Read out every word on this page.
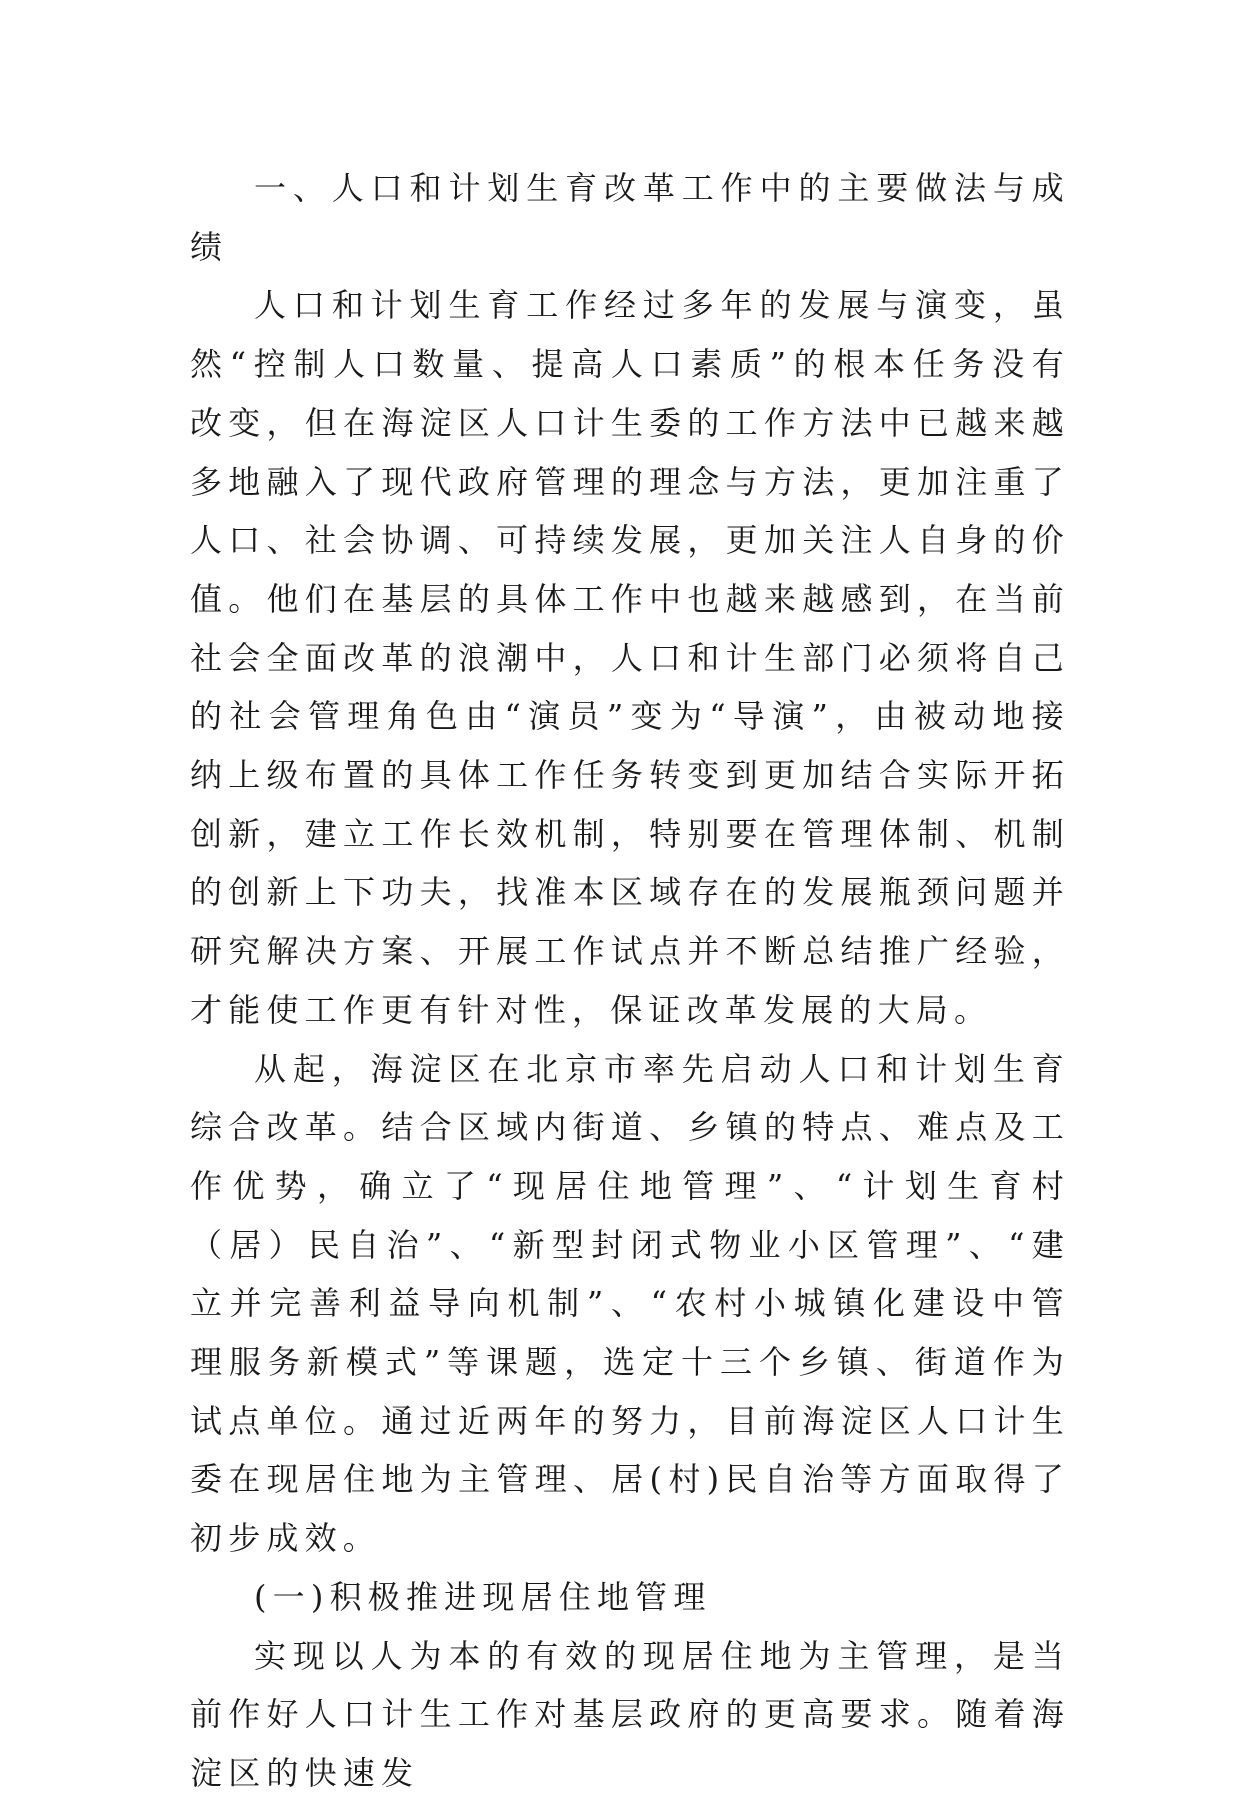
一、人口和计划生育改革工作中的主要做法与成绩

人口和计划生育工作经过多年的发展与演变，虽然“控制人口数量、提高人口素质”的根本任务没有改变，但在海淀区人口计生委的工作方法中已越来越多地融入了现代政府管理的理念与方法，更加注重了人口、社会协调、可持续发展，更加关注人自身的价值。他们在基层的具体工作中也越来越感到，在当前社会全面改革的浪潮中，人口和计生部门必须将自己的社会管理角色由“演员”变为“导演”，由被动地接纳上级布置的具体工作任务转变到更加结合实际开拓创新，建立工作长效机制，特别要在管理体制、机制的创新上下功夫，找准本区域存在的发展瓶颈问题并研究解决方案、开展工作试点并不断总结推广经验，才能使工作更有针对性，保证改革发展的大局。

从起，海淀区在北京市率先启动人口和计划生育综合改革。结合区域内街道、乡镇的特点、难点及工作优势，确立了“现居住地管理”、“计划生育村（居）民自治”、“新型封闭式物业小区管理”、“建立并完善利益导向机制”、“农村小城镇化建设中管理服务新模式”等课题，选定十三个乡镇、街道作为试点单位。通过近两年的努力，目前海淀区人口计生委在现居住地为主管理、居(村)民自治等方面取得了初步成效。

(一)积极推进现居住地管理

实现以人为本的有效的现居住地为主管理，是当前作好人口计生工作对基层政府的更高要求。随着海淀区的快速发
